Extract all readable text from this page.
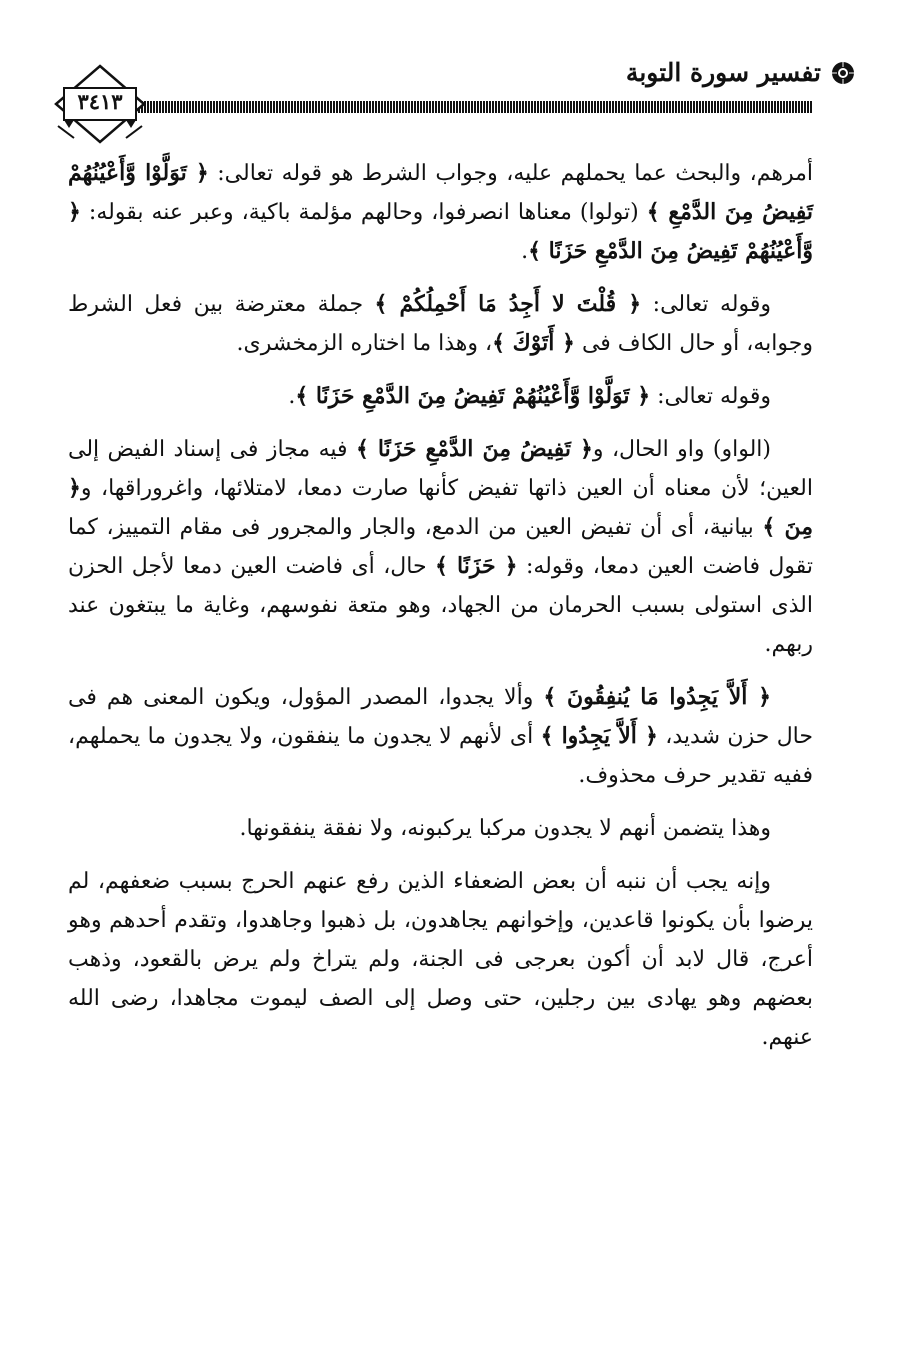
تفسير سورة التوبة
٣٤١٣

أمرهم، والبحث عما يحملهم عليه، وجواب الشرط هو قوله تعالى: ﴿ تَوَلَّوْا وَّأَعْيُنُهُمْ تَفِيضُ مِنَ الدَّمْعِ ﴾ (تولوا) معناها انصرفوا، وحالهم مؤلمة باكية، وعبر عنه بقوله: ﴿ وَّأَعْيُنُهُمْ تَفِيضُ مِنَ الدَّمْعِ حَزَنًا ﴾.

وقوله تعالى: ﴿ قُلْتَ لا أَجِدُ مَا أَحْمِلُكُمْ ﴾ جملة معترضة بين فعل الشرط وجوابه، أو حال الكاف فى ﴿ أَتَوْكَ ﴾، وهذا ما اختاره الزمخشرى.

وقوله تعالى: ﴿ تَوَلَّوْا وَّأَعْيُنُهُمْ تَفِيضُ مِنَ الدَّمْعِ حَزَنًا ﴾.

(الواو) واو الحال، و﴿ تَفِيضُ مِنَ الدَّمْعِ حَزَنًا ﴾ فيه مجاز فى إسناد الفيض إلى العين؛ لأن معناه أن العين ذاتها تفيض كأنها صارت دمعا، لامتلائها، واغروراقها، و﴿ مِنَ ﴾ بيانية، أى أن تفيض العين من الدمع، والجار والمجرور فى مقام التمييز، كما تقول فاضت العين دمعا، وقوله: ﴿ حَزَنًا ﴾ حال، أى فاضت العين دمعا لأجل الحزن الذى استولى بسبب الحرمان من الجهاد، وهو متعة نفوسهم، وغاية ما يبتغون عند ربهم.

﴿ أَلاَّ يَجِدُوا مَا يُنفِقُونَ ﴾ وألا يجدوا، المصدر المؤول، ويكون المعنى هم فى حال حزن شديد، ﴿ أَلاَّ يَجِدُوا ﴾ أى لأنهم لا يجدون ما ينفقون، ولا يجدون ما يحملهم، ففيه تقدير حرف محذوف.

وهذا يتضمن أنهم لا يجدون مركبا يركبونه، ولا نفقة ينفقونها.

وإنه يجب أن ننبه أن بعض الضعفاء الذين رفع عنهم الحرج بسبب ضعفهم، لم يرضوا بأن يكونوا قاعدين، وإخوانهم يجاهدون، بل ذهبوا وجاهدوا، وتقدم أحدهم وهو أعرج، قال لابد أن أكون بعرجى فى الجنة، ولم يتراخ ولم يرض بالقعود، وذهب بعضهم وهو يهادى بين رجلين، حتى وصل إلى الصف ليموت مجاهدا، رضى الله عنهم.
